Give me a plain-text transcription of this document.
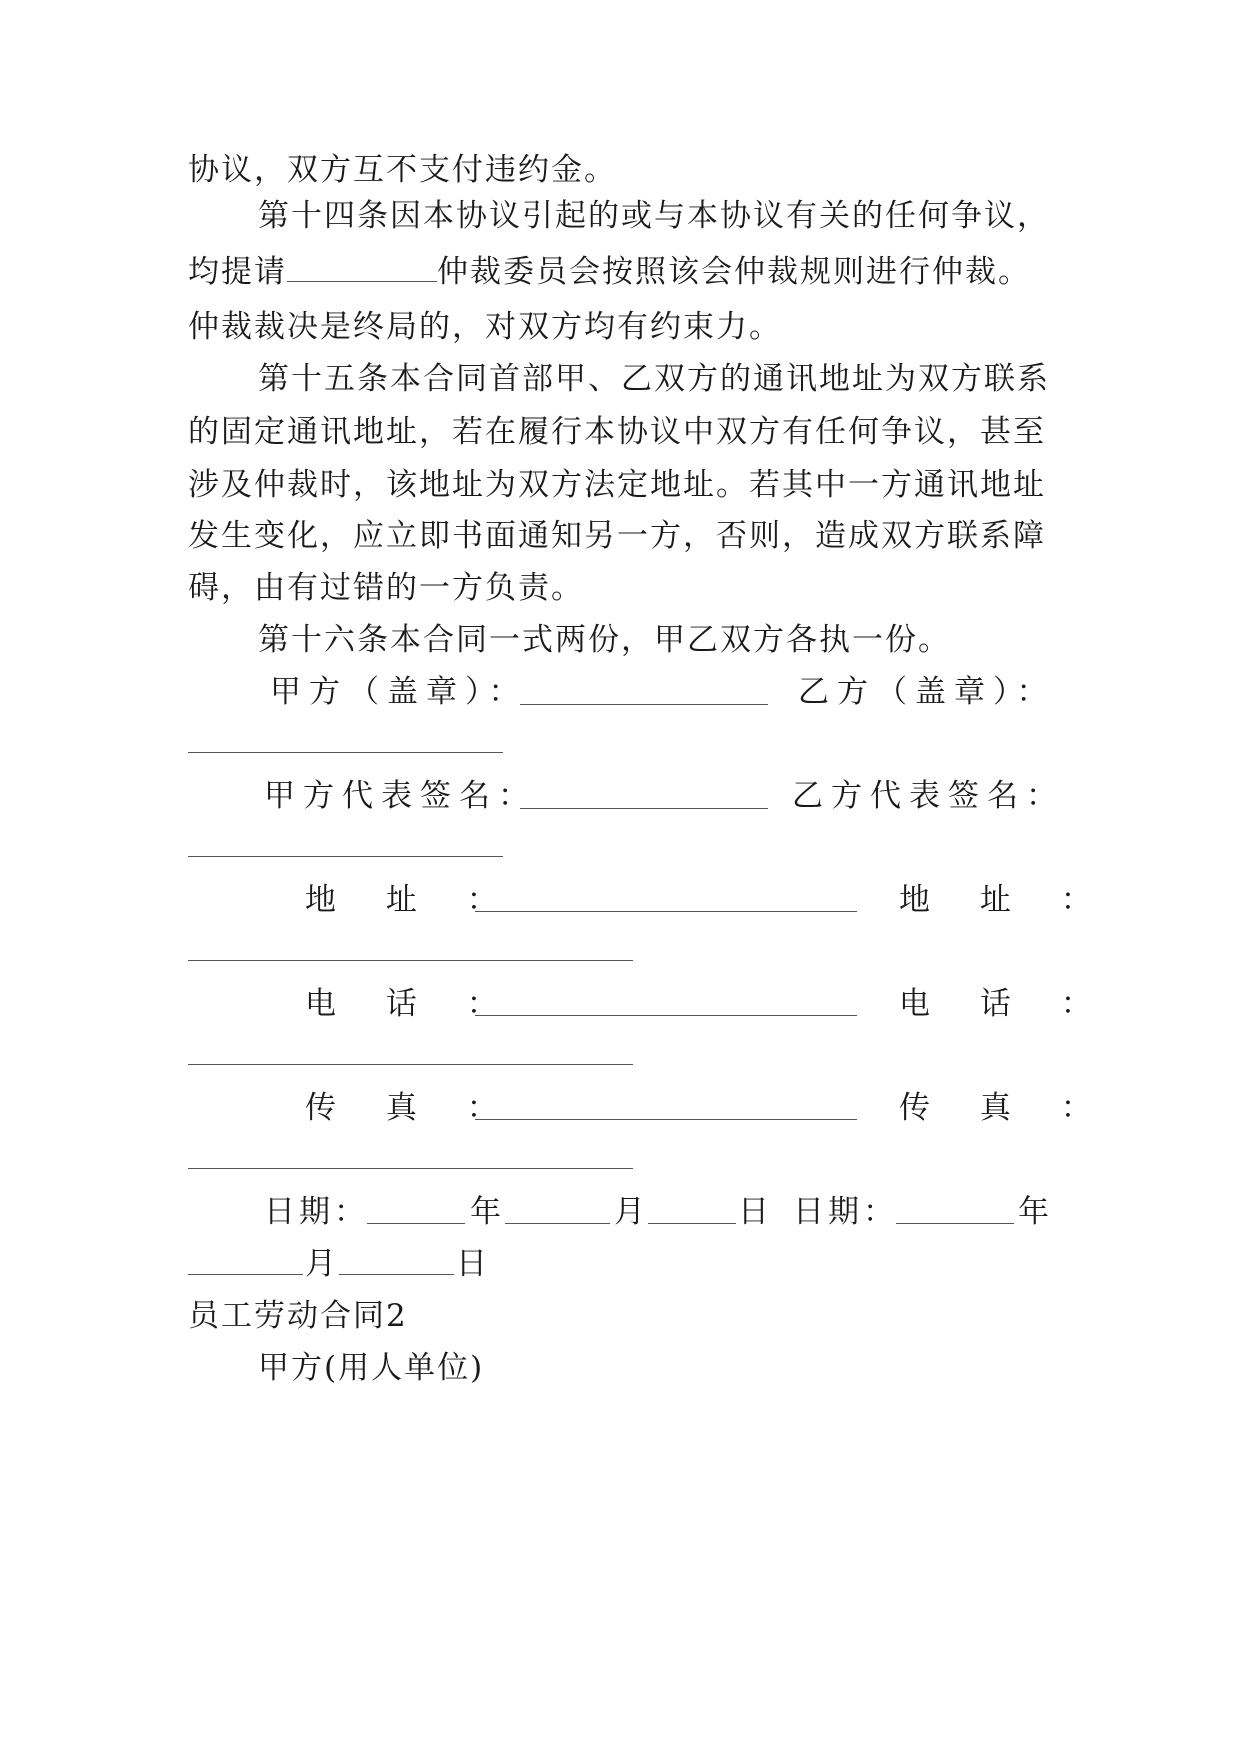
协议，双方互不支付违约金。
第十四条因本协议引起的或与本协议有关的任何争议，
均提请	仲裁委员会按照该会仲裁规则进行仲裁。
仲裁裁决是终局的，对双方均有约束力。
第十五条本合同首部甲、乙双方的通讯地址为双方联系
的固定通讯地址，若在履行本协议中双方有任何争议，甚至
涉及仲裁时，该地址为双方法定地址。若其中一方通讯地址
发生变化，应立即书面通知另一方，否则，造成双方联系障
碍，由有过错的一方负责。
第十六条本合同一式两份，甲乙双方各执一份。
甲方（盖章）：	乙方（盖章）：
甲方代表签名：	乙方代表签名：
地 址 ：	地 址 ：
电 话 ：	电 话 ：
传 真 ：	传 真 ：
日期：	年	月	日 日期：	年
月	日
员工劳动合同2
甲方(用人单位)
